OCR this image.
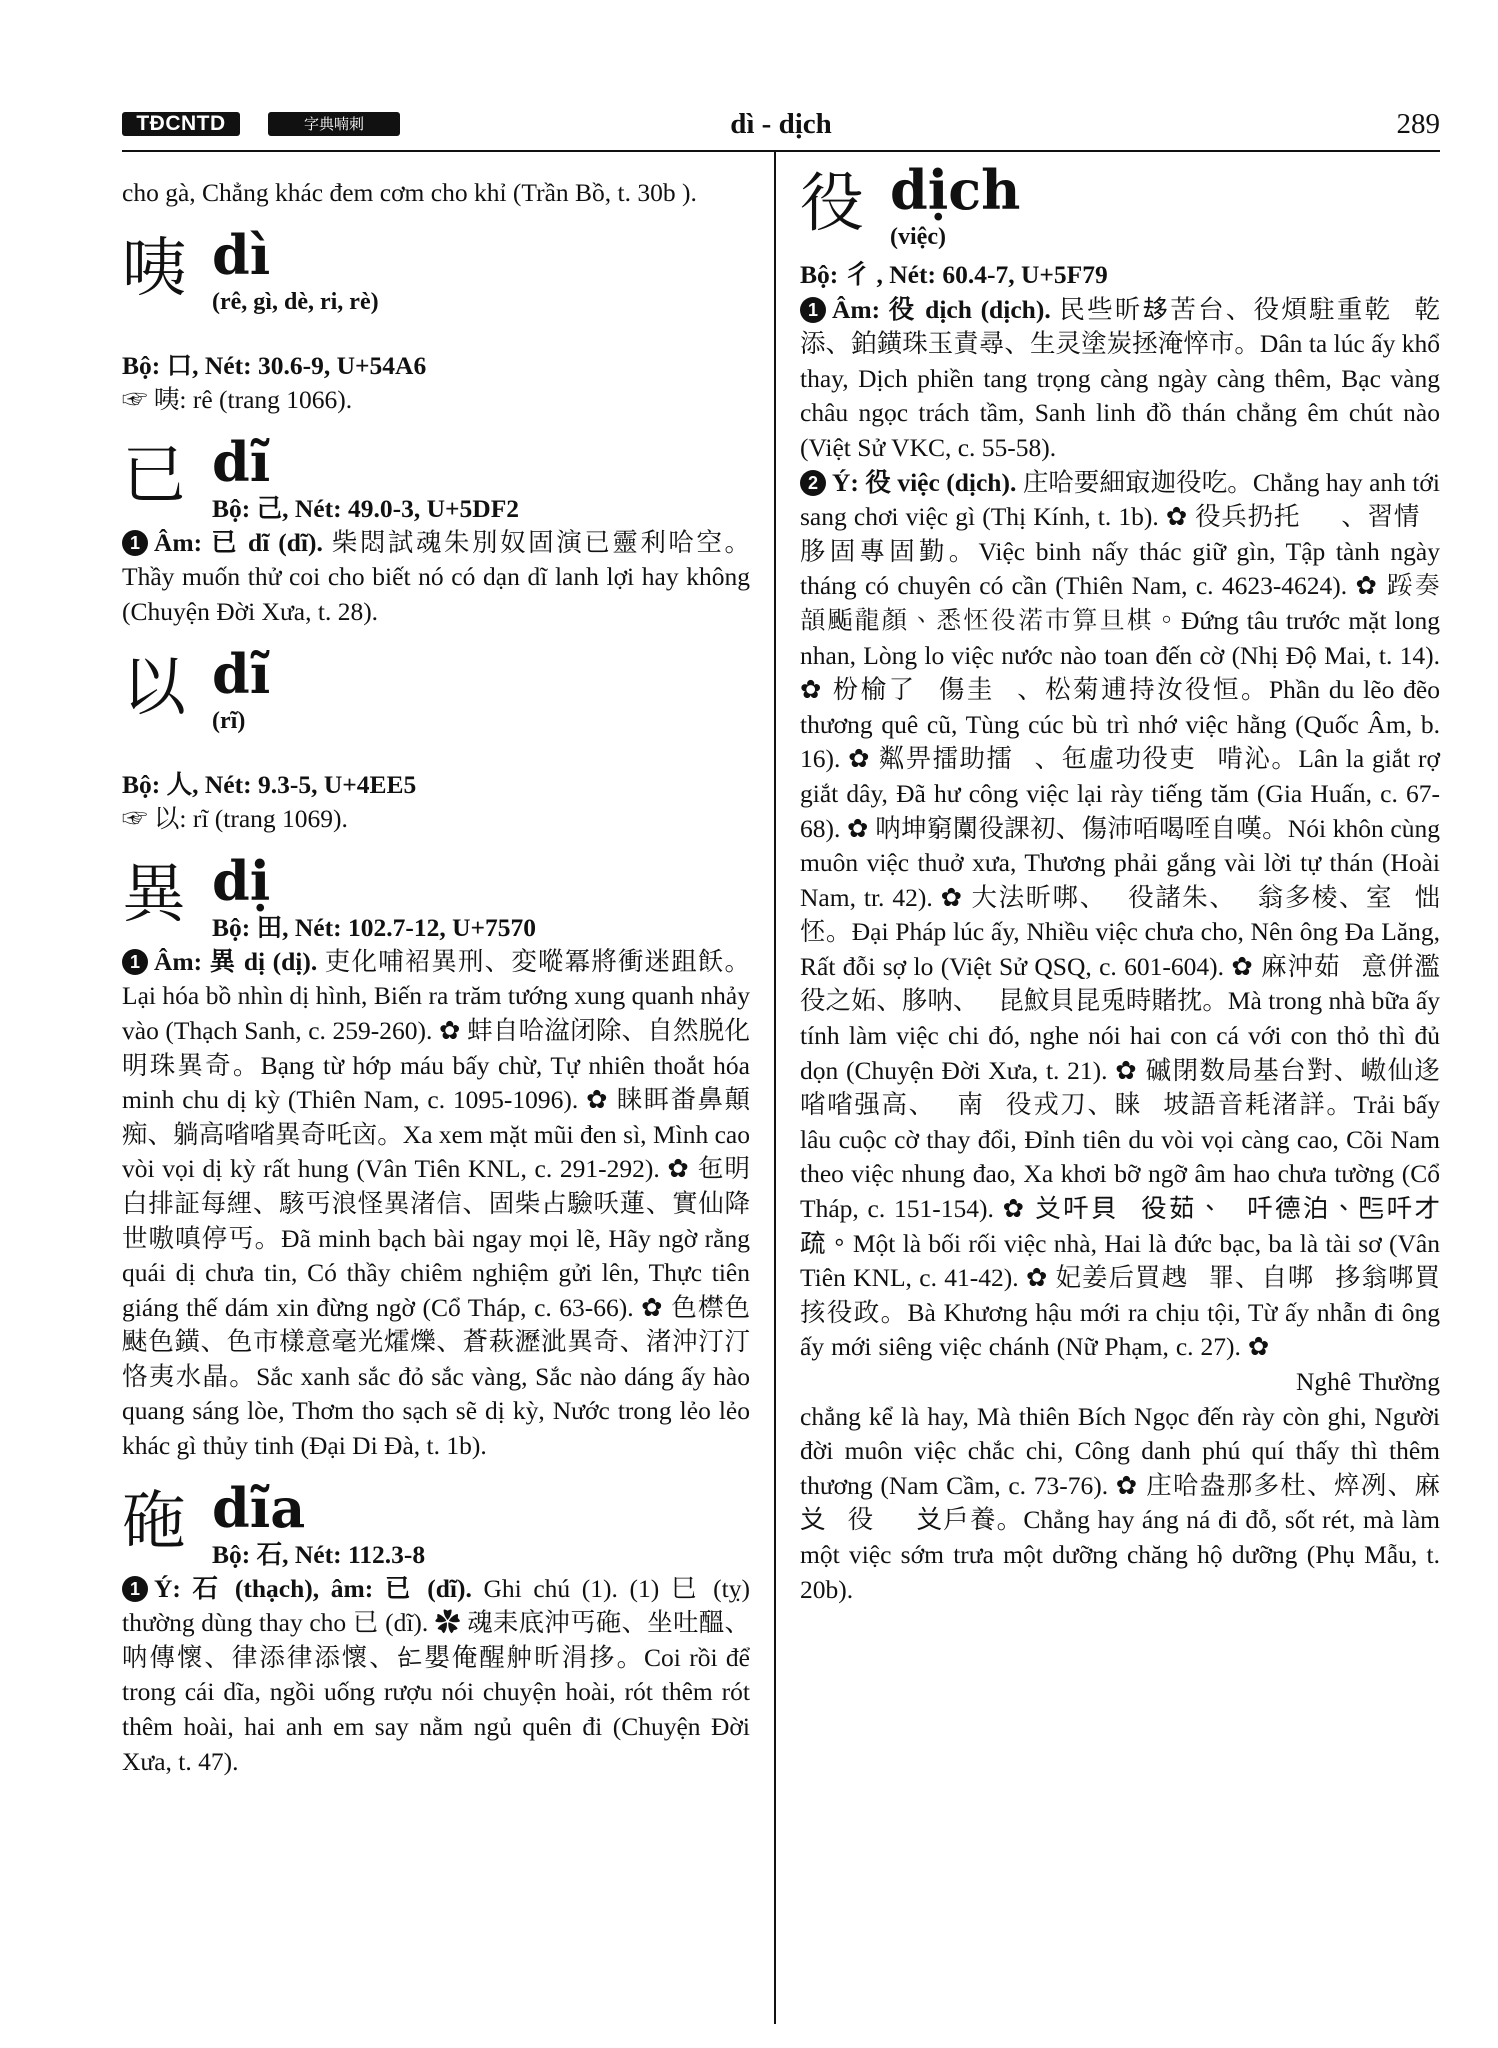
TĐCNTD	字典喃刺	dì - dịch	289

cho gà, Chẳng khác đem cơm cho khỉ (Trần Bồ, t. 30b ).

咦 dì
(rê, gì, dè, ri, rè)

Bộ: 口, Nét: 30.6-9, U+54A6

☞ 咦: rê (trang 1066).

已 dĩ
Bộ: 己, Nét: 49.0-3, U+5DF2

1 Âm: 已 dĩ (dĩ). 柴悶試魂朱別奴固演已靈利哈空。Thầy muốn thử coi cho biết nó có dạn dĩ lanh lợi hay không (Chuyện Đời Xưa, t. 28).

以 dĩ
(rĩ)

Bộ: 人, Nét: 9.3-5, U+4EE5

☞ 以: rĩ (trang 1069).

異 dị
Bộ: 田, Nét: 102.7-12, U+7570

1 Âm: 異 dị (dị). 吏化哺袑異刑、変㗰冪將衝迷跙飫。Lại hóa bồ nhìn dị hình, Biến ra trăm tướng xung quanh nhảy vào (Thạch Sanh, c. 259-260). ✿ 蚌自哈湓闭除、自然脱化明珠異奇。Bạng từ hớp máu bấy chừ, Tự nhiên thoắt hóa minh chu dị kỳ (Thiên Nam, c. 1095-1096). ✿ 睐眲畨鼻顛痴、躺高㗂㗂異奇吒㐫。Xa xem mặt mũi đen sì, Mình cao vòi vọi dị kỳ rất hung (Vân Tiên KNL, c. 291-292). ✿ 㐌明白排証每䋥、駭丐浪怪異渚信、固柴占驗㕭蓮、實仙降世嗷嗔停丐。Đã minh bạch bài ngay mọi lẽ, Hãy ngờ rằng quái dị chưa tin, Có thầy chiêm nghiệm gửi lên, Thực tiên giáng thế dám xin đừng ngờ (Cổ Tháp, c. 63-66). ✿ 色㯲色𩗂色鐄、色市樣意毫光㸌爍、蒼萩瀝泚異奇、渚沖汀汀恪夷水晶。Sắc xanh sắc đỏ sắc vàng, Sắc nào dáng ấy hào quang sáng lòe, Thơm tho sạch sẽ dị kỳ, Nước trong lẻo lẻo khác gì thủy tinh (Đại Di Đà, t. 1b).

砤 dĩa
Bộ: 石, Nét: 112.3-8

1 Ý: 石 (thạch), âm: 已 (dĩ). Ghi chú (1). (1) 巳 (tỵ) thường dùng thay cho 已 (dĩ). ✿ 魂耒底沖丐砤、坐吐醞、呐傳懷、律添律添懷、𠄩嬰俺醒舯昕涓拸。Coi rồi để trong cái dĩa, ngồi uống rượu nói chuyện hoài, rót thêm rót thêm hoài, hai anh em say nằm ngủ quên đi (Chuyện Đời Xưa, t. 47).

役 dịch
(việc)

Bộ: 彳 , Nét: 60.4-7, U+5F79

1 Âm: 役 dịch (dịch). 民些昕𠫾苦台、役煩駐重乾𣉹乾添、鉑鐄珠玉責尋、生灵塗炭拯淹悴市。Dân ta lúc ấy khổ thay, Dịch phiền tang trọng càng ngày càng thêm, Bạc vàng châu ngọc trách tầm, Sanh linh đồ thán chẳng êm chút nào (Việt Sử VKC, c. 55-58).

2 Ý: 役 việc (dịch). 庄哈要細㝡迦役吃。Chẳng hay anh tới sang chơi việc gì (Thị Kính, t. 1b). ✿ 役兵扔托𡨺𠿯、習情𣉹䏧固專固勤。Việc binh nấy thác giữ gìn, Tập tành ngày tháng có chuyên có cần (Thiên Nam, c. 4623-4624). ✿ 𨁡奏䫓𩗇龍顔、悉怌役渃市算旦棋。Đứng tâu trước mặt long nhan, Lòng lo việc nước nào toan đến cờ (Nhị Độ Mai, t. 14). ✿ 枌榆了𠖤傷圭𡞕、松菊逋持汝役恒。Phần du lẽo đẽo thương quê cũ, Tùng cúc bù trì nhớ việc hằng (Quốc Âm, b. 16). ✿ 粼畀擂助擂𦀊、㐌虛功役吏𡖡啃沁。Lân la giắt rợ giắt dây, Đã hư công việc lại rày tiếng tăm (Gia Huấn, c. 67-68). ✿ 呐坤窮闑役課初、傷沛咟喝咥自嘆。Nói khôn cùng muôn việc thuở xưa, Thương phải gắng vài lời tự thán (Hoài Nam, tr. 42). ✿ 大法昕𠳐、𢀭役諸朱、𪀄翁多棱、室𢚸㤕怌。Đại Pháp lúc ấy, Nhiều việc chưa cho, Nên ông Đa Lăng, Rất đỗi sợ lo (Việt Sử QSQ, c. 601-604). ✿ 麻沖茹𩛷意併濫役之妬、䏧呐、𠄩昆魰貝昆兎時賭抌。Mà trong nhà bữa ấy tính làm việc chi đó, nghe nói hai con cá với con thỏ thì đủ dọn (Chuyện Đời Xưa, t. 21). ✿ 磩閉数局基台對、㠂仙迻㗂㗂强高、𡓁南𨀒役戎刀、睐𤀓坡語音耗渚詳。Trải bấy lâu cuộc cờ thay đổi, Đỉnh tiên du vòi vọi càng cao, Cõi Nam theo việc nhung đao, Xa khơi bỡ ngỡ âm hao chưa tường (Cổ Tháp, c. 151-154). ✿ 𠬠吀貝𦀺役茹、𠄩吀德泊、𠀧吀才疏。Một là bối rối việc nhà, Hai là đức bạc, ba là tài sơ (Vân Tiên KNL, c. 41-42). ✿ 妃姜后買𧻭𠗓罪、自𠳐𢟘拸翁𠳐買㧡役政。Bà Khương hậu mới ra chịu tội, Từ ấy nhẫn đi ông ấy mới siêng việc chánh (Nữ Phạm, c. 27). ✿ 𠖤裳拯計羅哈、麻篇碧玉㬹群𥱬、𠊛𣈜闭役質之、功名富貴覔時添傷。Nghê Thường chẳng kể là hay, Mà thiên Bích Ngọc đến rày còn ghi, Người đời muôn việc chắc chi, Công danh phú quí thấy thì thêm thương (Nam Cầm, c. 73-76). ✿ 庄哈盎那多杜、焠冽、麻𠬠𣋚役𣋽𣊿𠬠戶養。Chẳng hay áng ná đi đỗ, sốt rét, mà làm một việc sớm trưa một dưỡng chăng hộ dưỡng (Phụ Mẫu, t. 20b).
